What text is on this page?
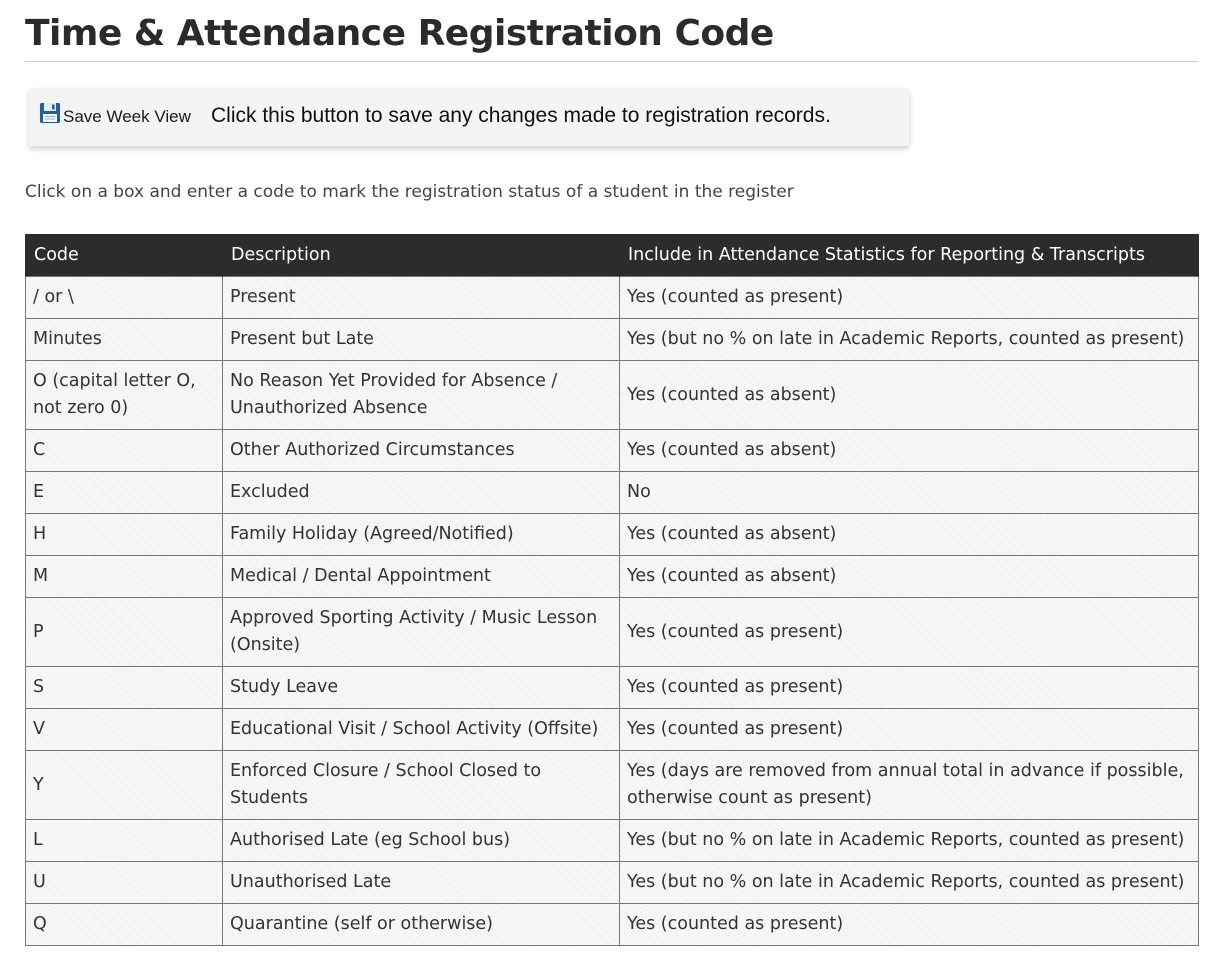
Time & Attendance Registration Code
Save Week View Click this button to save any changes made to registration records.
Click on a box and enter a code to mark the registration status of a student in the register
Code	Description	Include in Attendance Statistics for Reporting & Transcripts
/ or \	Present	Yes (counted as present)
Minutes	Present but Late	Yes (but no % on late in Academic Reports, counted as present)
O (capital letter O, not zero 0)	No Reason Yet Provided for Absence / Unauthorized Absence	Yes (counted as absent)
C	Other Authorized Circumstances	Yes (counted as absent)
E	Excluded	No
H	Family Holiday (Agreed/Notified)	Yes (counted as absent)
M	Medical / Dental Appointment	Yes (counted as absent)
P	Approved Sporting Activity / Music Lesson (Onsite)	Yes (counted as present)
S	Study Leave	Yes (counted as present)
V	Educational Visit / School Activity (Offsite)	Yes (counted as present)
Y	Enforced Closure / School Closed to Students	Yes (days are removed from annual total in advance if possible, otherwise count as present)
L	Authorised Late (eg School bus)	Yes (but no % on late in Academic Reports, counted as present)
U	Unauthorised Late	Yes (but no % on late in Academic Reports, counted as present)
Q	Quarantine (self or otherwise)	Yes (counted as present)
